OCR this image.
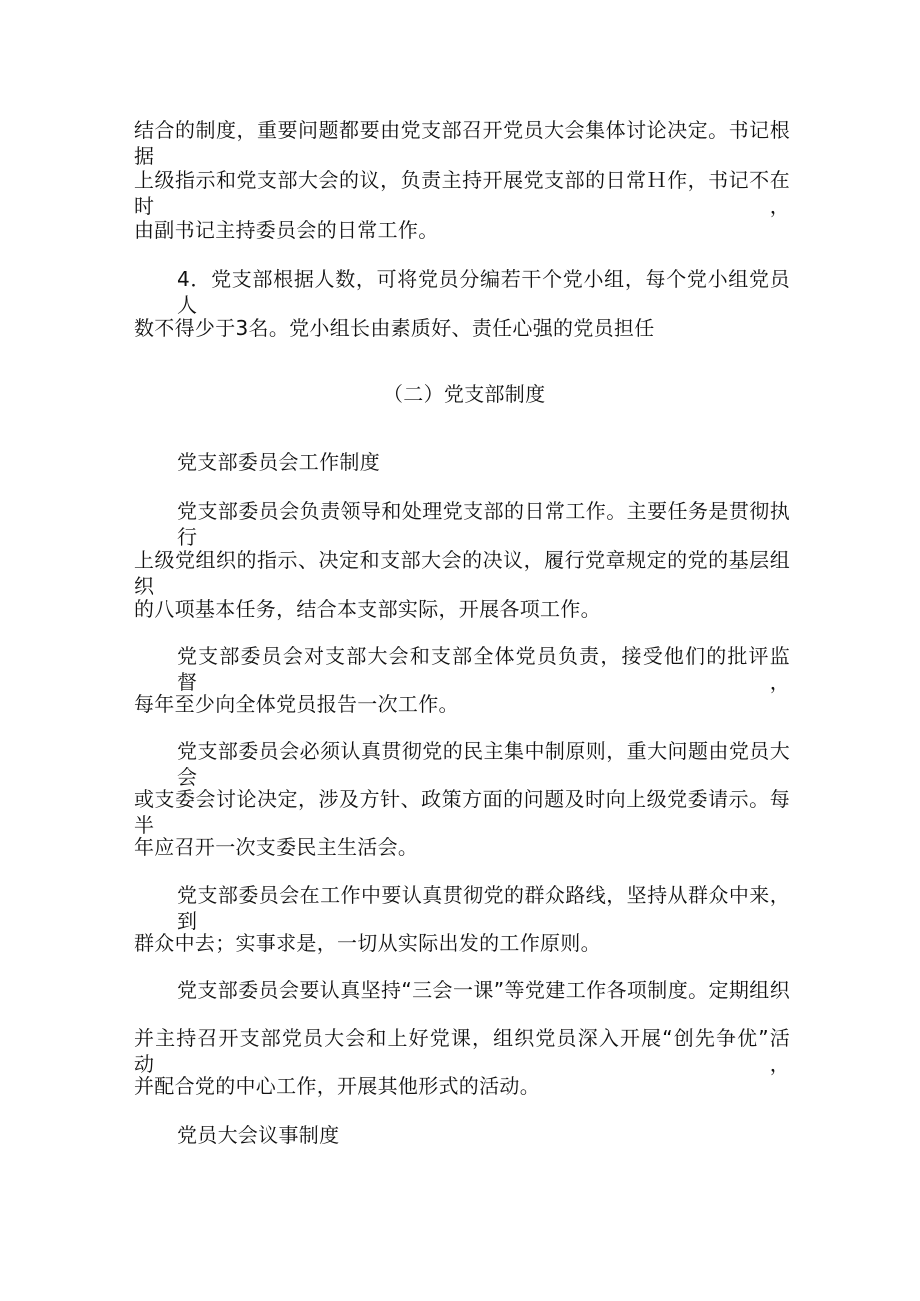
结合的制度，重要问题都要由党支部召开党员大会集体讨论决定。书记根据
上级指示和党支部大会的议，负责主持开展党支部的日常Ｈ作，书记不在时，
由副书记主持委员会的日常工作。
4．党支部根据人数，可将党员分编若干个党小组，每个党小组党员人
数不得少于3名。党小组长由素质好、责任心强的党员担任
（二）党支部制度
党支部委员会工作制度
党支部委员会负责领导和处理党支部的日常工作。主要任务是贯彻执行
上级党组织的指示、决定和支部大会的决议，履行党章规定的党的基层组织
的八项基本任务，结合本支部实际，开展各项工作。
党支部委员会对支部大会和支部全体党员负责，接受他们的批评监督，
每年至少向全体党员报告一次工作。
党支部委员会必须认真贯彻党的民主集中制原则，重大问题由党员大会
或支委会讨论决定，涉及方针、政策方面的问题及时向上级党委请示。每半
年应召开一次支委民主生活会。
党支部委员会在工作中要认真贯彻党的群众路线，坚持从群众中来，到
群众中去；实事求是，一切从实际出发的工作原则。
党支部委员会要认真坚持“三会一课”等党建工作各项制度。定期组织
并主持召开支部党员大会和上好党课，组织党员深入开展“创先争优”活动，
并配合党的中心工作，开展其他形式的活动。
党员大会议事制度
